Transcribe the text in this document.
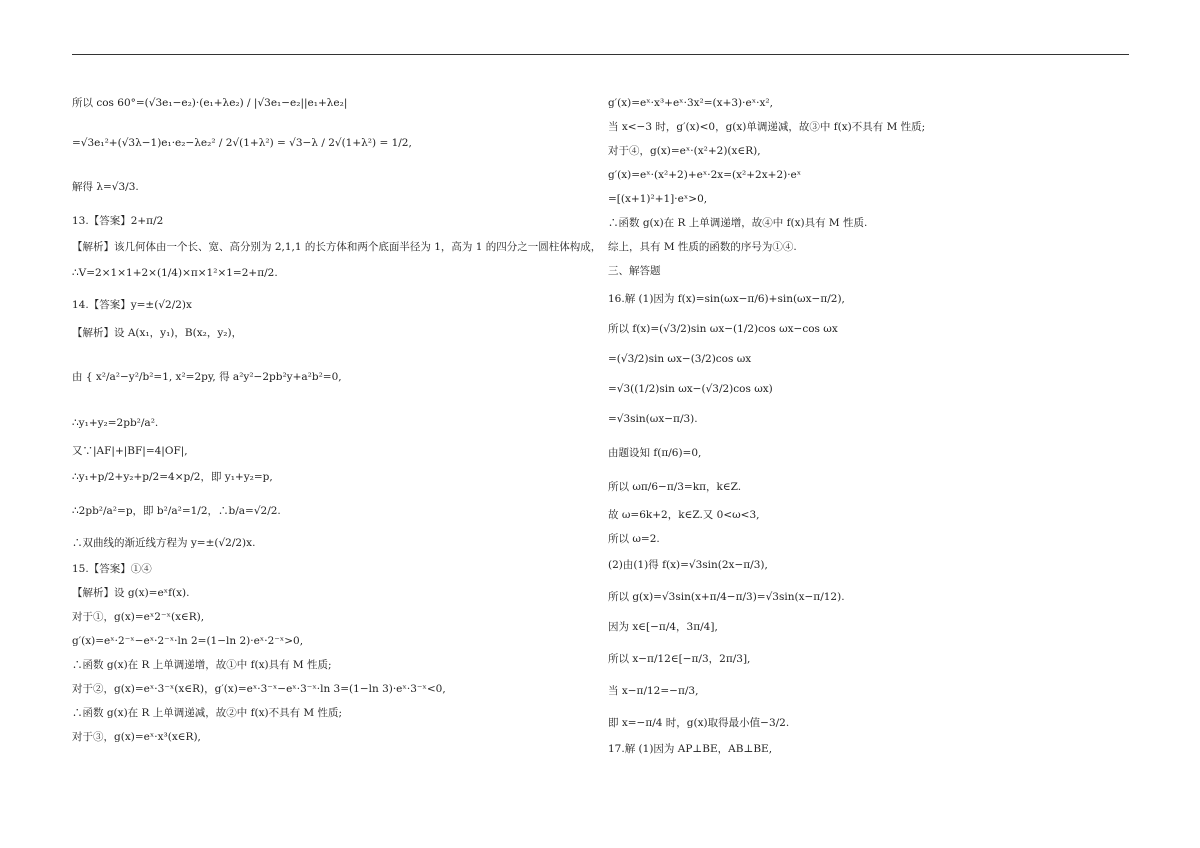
所以 cos 60°=(√3e₁−e₂)·(e₁+λe₂) / |√3e₁−e₂||e₁+λe₂|
=√3e₁²+(√3λ−1)e₁·e₂−λe₂² / 2√(1+λ²) = √3−λ / 2√(1+λ²) = 1/2,
解得 λ=√3/3.
13.【答案】2+π/2
【解析】该几何体由一个长、宽、高分别为 2,1,1 的长方体和两个底面半径为 1，高为 1 的四分之一圆柱体构成，
∴V=2×1×1+2×(1/4)×π×1²×1=2+π/2.
14.【答案】y=±(√2/2)x
【解析】设 A(x₁，y₁)，B(x₂，y₂)，
由 { x²/a²−y²/b²=1, x²=2py, 得 a²y²−2pb²y+a²b²=0,
∴y₁+y₂=2pb²/a².
又∵|AF|+|BF|=4|OF|,
∴y₁+p/2+y₂+p/2=4×p/2，即 y₁+y₂=p,
∴2pb²/a²=p，即 b²/a²=1/2，∴b/a=√2/2.
∴双曲线的渐近线方程为 y=±(√2/2)x.
15.【答案】①④
【解析】设 g(x)=eˣf(x).
对于①，g(x)=eˣ2⁻ˣ(x∈R),
g′(x)=eˣ·2⁻ˣ−eˣ·2⁻ˣ·ln 2=(1−ln 2)·eˣ·2⁻ˣ>0,
∴函数 g(x)在 R 上单调递增，故①中 f(x)具有 M 性质;
对于②，g(x)=eˣ·3⁻ˣ(x∈R)，g′(x)=eˣ·3⁻ˣ−eˣ·3⁻ˣ·ln 3=(1−ln 3)·eˣ·3⁻ˣ<0,
∴函数 g(x)在 R 上单调递减，故②中 f(x)不具有 M 性质;
对于③，g(x)=eˣ·x³(x∈R),
g′(x)=eˣ·x³+eˣ·3x²=(x+3)·eˣ·x²,
当 x<−3 时，g′(x)<0，g(x)单调递减，故③中 f(x)不具有 M 性质;
对于④，g(x)=eˣ·(x²+2)(x∈R),
g′(x)=eˣ·(x²+2)+eˣ·2x=(x²+2x+2)·eˣ
=[(x+1)²+1]·eˣ>0,
∴函数 g(x)在 R 上单调递增，故④中 f(x)具有 M 性质.
综上，具有 M 性质的函数的序号为①④.
三、解答题
16.解 (1)因为 f(x)=sin(ωx−π/6)+sin(ωx−π/2),
所以 f(x)=(√3/2)sin ωx−(1/2)cos ωx−cos ωx
=(√3/2)sin ωx−(3/2)cos ωx
=√3((1/2)sin ωx−(√3/2)cos ωx)
=√3sin(ωx−π/3).
由题设知 f(π/6)=0,
所以 ωπ/6−π/3=kπ，k∈Z.
故 ω=6k+2，k∈Z.又 0<ω<3,
所以 ω=2.
(2)由(1)得 f(x)=√3sin(2x−π/3),
所以 g(x)=√3sin(x+π/4−π/3)=√3sin(x−π/12).
因为 x∈[−π/4，3π/4],
所以 x−π/12∈[−π/3，2π/3],
当 x−π/12=−π/3,
即 x=−π/4 时，g(x)取得最小值−3/2.
17.解 (1)因为 AP⊥BE，AB⊥BE,
